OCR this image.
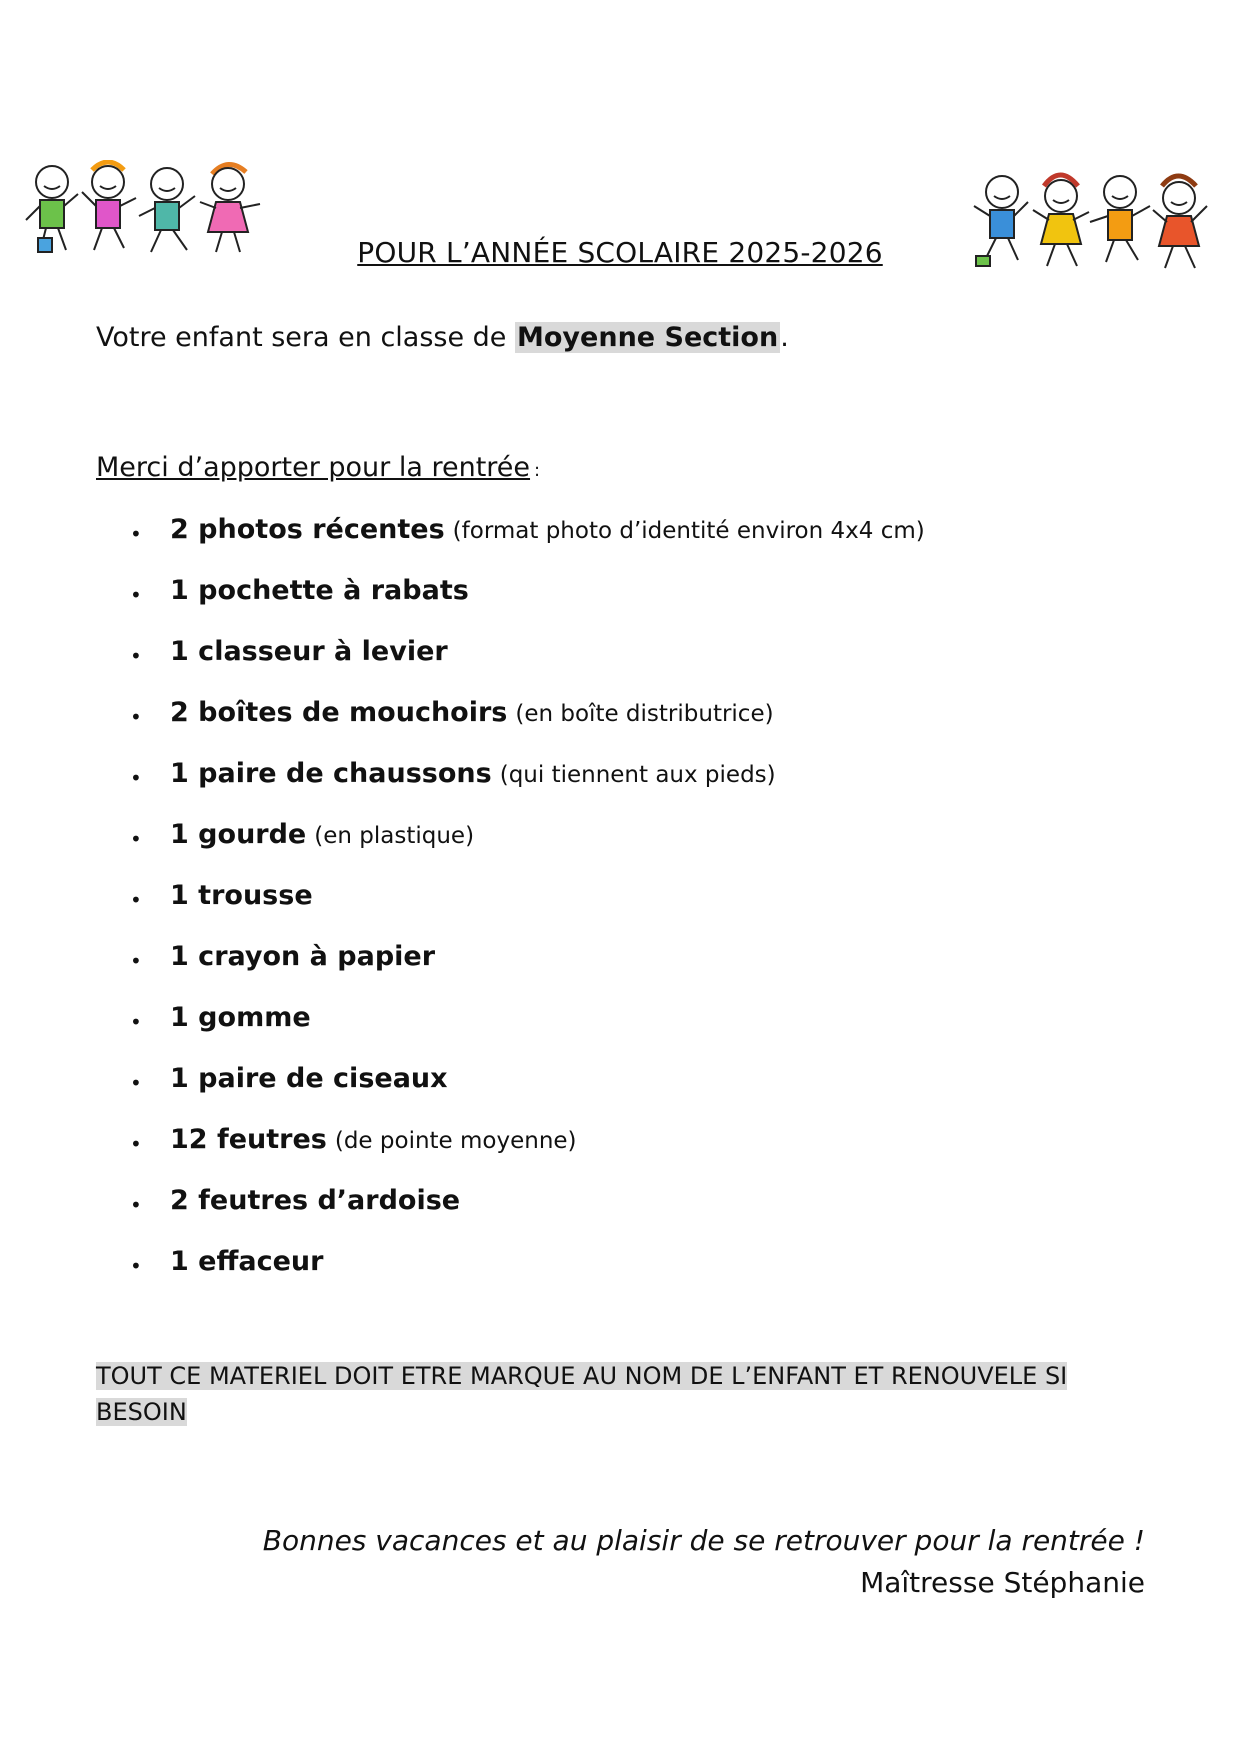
POUR L’ANNÉE SCOLAIRE 2025-2026
Votre enfant sera en classe de Moyenne Section.
Merci d’apporter pour la rentrée :
• 2 photos récentes (format photo d’identité environ 4x4 cm)
• 1 pochette à rabats
• 1 classeur à levier
• 2 boîtes de mouchoirs (en boîte distributrice)
• 1 paire de chaussons (qui tiennent aux pieds)
• 1 gourde (en plastique)
• 1 trousse
• 1 crayon à papier
• 1 gomme
• 1 paire de ciseaux
• 12 feutres (de pointe moyenne)
• 2 feutres d’ardoise
• 1 effaceur
TOUT CE MATERIEL DOIT ETRE MARQUE AU NOM DE L’ENFANT ET RENOUVELE SI BESOIN
Bonnes vacances et au plaisir de se retrouver pour la rentrée !
Maîtresse Stéphanie
